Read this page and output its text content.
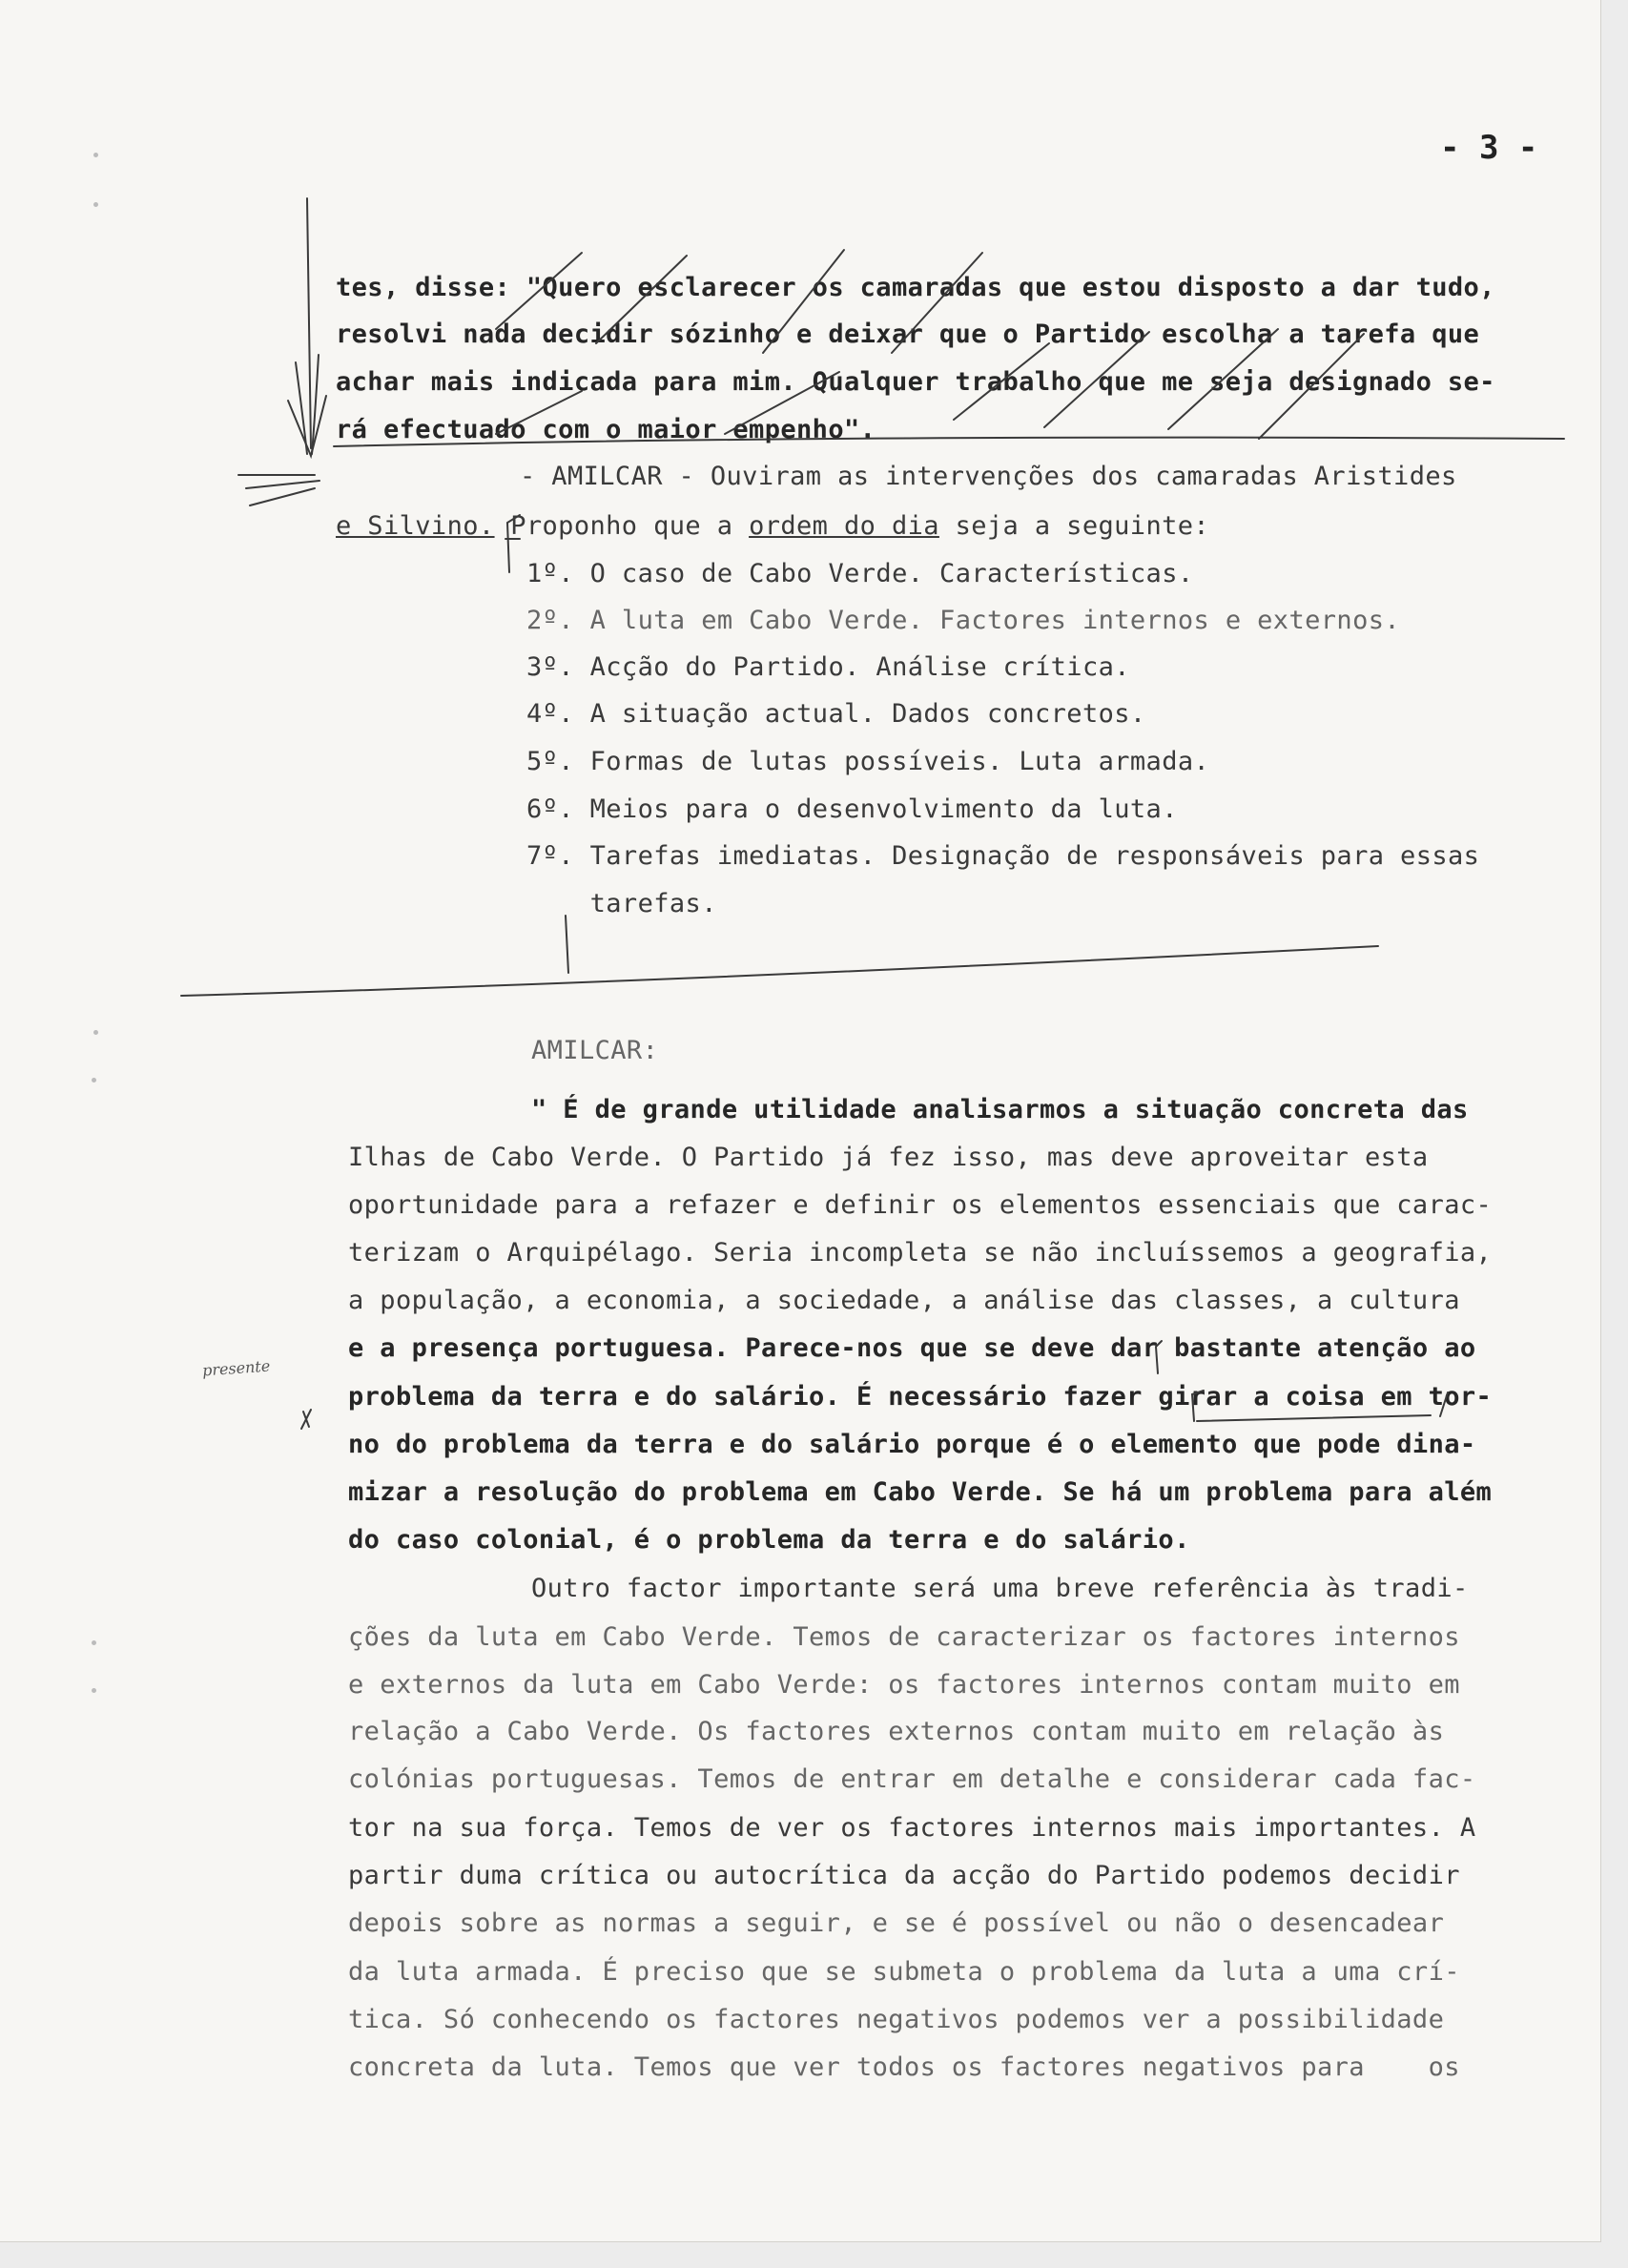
- 3 -
tes, disse: "Quero esclarecer os camaradas que estou disposto a dar tudo,
resolvi nada decidir sózinho e deixar que o Partido escolha a tarefa que
achar mais indicada para mim. Qualquer trabalho que me seja designado se-
rá efectuado com o maior empenho".
- AMILCAR - Ouviram as intervenções dos camaradas Aristides
e Silvino. Proponho que a ordem do dia seja a seguinte:
1º. O caso de Cabo Verde. Características.
2º. A luta em Cabo Verde. Factores internos e externos.
3º. Acção do Partido. Análise crítica.
4º. A situação actual. Dados concretos.
5º. Formas de lutas possíveis. Luta armada.
6º. Meios para o desenvolvimento da luta.
7º. Tarefas imediatas. Designação de responsáveis para essas
tarefas.
AMILCAR:
" É de grande utilidade analisarmos a situação concreta das
Ilhas de Cabo Verde. O Partido já fez isso, mas deve aproveitar esta
oportunidade para a refazer e definir os elementos essenciais que carac-
terizam o Arquipélago. Seria incompleta se não incluíssemos a geografia,
a população, a economia, a sociedade, a análise das classes, a cultura
e a presença portuguesa. Parece-nos que se deve dar bastante atenção ao
problema da terra e do salário. É necessário fazer girar a coisa em tor-
no do problema da terra e do salário porque é o elemento que pode dina-
mizar a resolução do problema em Cabo Verde. Se há um problema para além
do caso colonial, é o problema da terra e do salário.
Outro factor importante será uma breve referência às tradi-
ções da luta em Cabo Verde. Temos de caracterizar os factores internos
e externos da luta em Cabo Verde: os factores internos contam muito em
relação a Cabo Verde. Os factores externos contam muito em relação às
colónias portuguesas. Temos de entrar em detalhe e considerar cada fac-
tor na sua força. Temos de ver os factores internos mais importantes. A
partir duma crítica ou autocrítica da acção do Partido podemos decidir
depois sobre as normas a seguir, e se é possível ou não o desencadear
da luta armada. É preciso que se submeta o problema da luta a uma crí-
tica. Só conhecendo os factores negativos podemos ver a possibilidade
concreta da luta. Temos que ver todos os factores negativos para    os
presente
